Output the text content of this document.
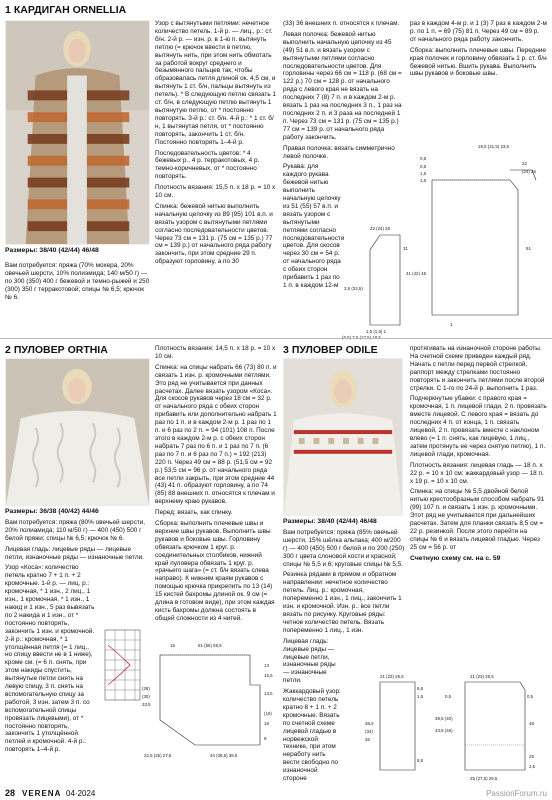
1 КАРДИГАН ORNELLIA

Размеры: 38/40 (42/44) 46/48

Вам потребуется: пряжа (70% мохера, 20% овечьей шерсти, 10% полиэмида; 140 м/50 г) — по 300 (350) 400 г бежевой и темно-рыжей и 250 (300) 350 г терракотовой; спицы № 6,5; крючок № 6.

Узор с вытянутыми петлями: нечетное количество петель. 1-й р. — лиц., р.: ст. б/н. 2-й р. — изн. р. в 1-ю п. вытянуть петлю (= крючок ввести в петлю, вытянуть нить, при этом нить обмотать за работой вокруг среднего и безымянного пальцев так, чтобы образовалась петля длиной ок. 4,5 см, и вытянуть 1 ст. б/н, пальцы вытянуть из петель). * В следующую петлю связать 1 ст. б/н, в следующую петлю вытянуть 1 вытянутую петлю, от * постоянно повторять. 3-й р.: ст. б/н. 4-й р.: * 1 ст. б/н, 1 вытянутая петля, от * постоянно повторять, закончить 1 ст. б/н. Постоянно повторять 1–4-й р.

Последовательность цветов: * 4 бежевых р., 4 р. терракотовых, 4 р. темно-коричневых, от * постоянно повторять.

Плотность вязания: 15,5 п. х 18 р. = 10 х 10 см.

Спинка: бежевой нитью выполнить начальную цепочку из 89 (95) 101 в.п. и вязать узором с вытянутыми петлями согласно последовательности цветов. Через 73 см = 131 р. (75 см = 135 р.) 77 см = 139 р.) от начального ряда работу закончить, при этом средние 29 п. образуют горловину, а по 30

(33) 36 внешних п. относятся к плечам.

Левая полочка: бежевой нитью выполнить начальную цепочку из 45 (49) 51 в.п. и вязать узором с вытянутыми петлями согласно последовательности цветов. Для горловины через 66 см = 118 р. (68 см = 122 р.) 70 см = 128 р. от начального ряда с левого края не вязать на последних 7 (8) 7 п. и в каждом 2-м р. вязать 1 раз на последних 3 п., 1 раз на последних 2 п. и 3 раза на последней 1 п. Через 73 см = 131 р. (75 см = 135 р.) 77 см = 139 р. от начального ряда работу закончить.

Правая полочка: вязать симметрично левой полочке.

Рукава: для каждого рукава бежевой нитью выполнить начальную цепочку из 51 (55) 57 в.п. и вязать узором с вытянутыми петлями согласно последовательности цветов. Для скосов через 30 см = 54 р. от начального ряда с обеих сторон прибавить 1 раз по 1 п. в каждом 12-м

раз в каждом 4-м р. и 1 (3) 7 раз в каждом 2-м р. по 1 п. = 69 (75) 81 п. Через 49 см = 89 р. от начального ряда работу закончить.

Сборка: выполнить плечевые швы. Передние края полочек и горловину обвязать 1 р. ст. б/н бежевой нитью. Вшить рукава. Выполнить швы рукавов и боковые швы.

19,5 (21,5) 23,5
22
(24) 26
51
0,5
0,5
1,5
1,5
22 (24) 26
31
3,5 (32,5)
41 (42) 45
1,5 (1,5) 1
1
2 ПУЛОВЕР ORTHIA

Размеры: 36/38 (40/42) 44/46

Вам потребуется: пряжа (80% овечьей шерсти, 20% полиамида; 110 м/50 г) — 400 (450) 500 г белой пряжи; спицы № 6,5; крючок № 6.

Лицевая гладь: лицевые ряды — лицевые петли, изнаночные ряды — изнаночные петли.

Узор «Коса»: количество петель кратно 7 + 1 п. + 2 кромочные. 1-й р. — лиц. р.: кромочная, * 1 изн., 2 лиц., 1 изн., 1 кромочная. * 1 изн., 1 накид и 1 изн., 5 раз вывязать по 2 накида и 1 изн., от * постоянно повторять, закончить 1 изн. и кромочной. 2-й р.: кромочная, * 1 утолщённая петля (= 1 лиц., но спицу ввести не в 1 ниже), кроме см. (= 6 п. снять, при этом накиды спустить, вытянутые петли снять на левую спицу, 3 п. снять на вспомогательную спицу за работой, 3 изн. затем 3 п. со вспомогательной спицы провязать лицевыми), от * постоянно повторять, закончить 1 утолщённой петлей и кромочной. 4-й р.: повторять 1–4-й р.

Плотность вязания: 14,5 п. х 18 р. = 10 х 10 см.

Спинка: на спицы набрать 66 (73) 80 п. и связать 1 изн. р. кромочными петлями. Это ряд не учитывается при данных расчетах. Далее вязать узором «Коса». Для скосов рукавов через 18 см = 32 р. от начального ряда с обеих сторон прибавить или дополнительно набрать 1 раз по 1 п. и в каждом 2-м р. 1 раз по 1 п. и 6 раз по 2 п. = 94 (101) 108 п. После этого в каждом 2-м р. с обеих сторон набрать 7 раз по 6 п. и 1 раз по 7 п. (6 раз по 7 п. и 6 раз по 7 п.) = 192 (213) 220 п. Через 49 см = 88 р. (51,5 см = 92 р.) 53,5 см = 96 р. от начального ряда все петли закрыть, при этом средние 44 (43) 41 п. образуют горловину, а по 74 (85) 88 внешних п. относятся к плечам и верхнему краю рукавов.

Перед: вязать, как спинку.

Сборка: выполнить плечевые швы и верхние швы рукавов. Выполнить швы рукавов и боковые швы. Горловину обвязать крючком 1 круг. р. соединительных столбиков, нижний край пуловера обвязать 1 круг. р. «рачьего шага» (= ст. б/н вязать слева направо). К нижним краям рукавов с помощью крючка прикрепить по 13 (14) 15 кистей бахромы длиной ок. 9 см (= длина в готовом виде), при этом каждая кисть бахромы должна состоять в общей сложности из 4 нитей.

15	51 (56) 56,5
13
15,5
13,5
(28)
(30)
33,5
(19)
18
9
22,5 (25) 27,5	34 (38,5) 38,5
3 ПУЛОВЕР ODILE

Размеры: 38/40 (42/44) 46/48

Вам потребуется: пряжа (85% овечьей шерсти, 15% шёлка альпака; 400 м/200 г) — 400 (450) 500 г белой и по 200 (250) 300 г цвета слоновой кости и красной; спицы № 5,5 и 6; круговые спицы № 5,5.

Резинка рядами в прямом и обратном направлении: нечетное количество петель. Лиц. р.: кромочная, попеременно 1 изн., 1 лиц., закончить 1 изн. и кромочной. Изн. р.: все петли вязать по рисунку. Круговые ряды: четное количество петель. Вязать попеременно 1 лиц., 1 изн.

Лицевая гладь: лицевые ряды — лицевые петли, изнаночные ряды — изнаночные петли.

Жаккардовый узор: количество петель кратно 8 + 1 п. + 2 кромочные. Вязать по счетной схеме лицевой гладью в норвежской технике, при этом неработу нить вести свободно по изнаночной стороне

протягивать на изнаночной стороне работы. На счетной схеме приведен каждый ряд. Начать с петли перед первой стрелкой, раппорт между стрелками постоянно повторять и закончить петлями после второй стрелки. С 1-го по 24-й р. выполнить 1 раз.

Подчеркнутые убавки: с правого края = кромочная, 1 п. лицевой глади, 2 п. провязать вместе лицевой. С левого края = вязать до последних 4 п. от конца, 1 п. связать лицевой, 2 п. провязать вместе с наклоном влево (= 1 п. снять, как лицевую, 1 лиц., затем протянуть ее через снятую петлю), 1 п. лицевой глади, кромочная.

Плотность вязания: лицевая гладь — 18 п. х 22 р. = 10 х 10 см; жаккардовый узор — 18 п. х 19 р. = 10 х 10 см.

Спинка: на спицы № 5,5 двойной белой нитью крестообразным способом набрать 91 (99) 107 п. и связать 1 изн. р. кромочными. Этот ряд не учитывается при дальнейших расчетах. Затем для планки связать 8,5 см = 22 р. резинкой. После этого перейти на спицы № 6 и вязать лицевой гладью. Через 25 см = 56 р. от

Счетную схему см. на с. 59

21 (23) 25,5
6,5
1,5
38,5
(34)
36
0,5
38,5 (40)
0,5
43,5 (45)
48
25
8,5
25 (27,5) 29,5
21 (23) 25,5
2,5
28 VERENA 04·2024	PassionForum.ru
